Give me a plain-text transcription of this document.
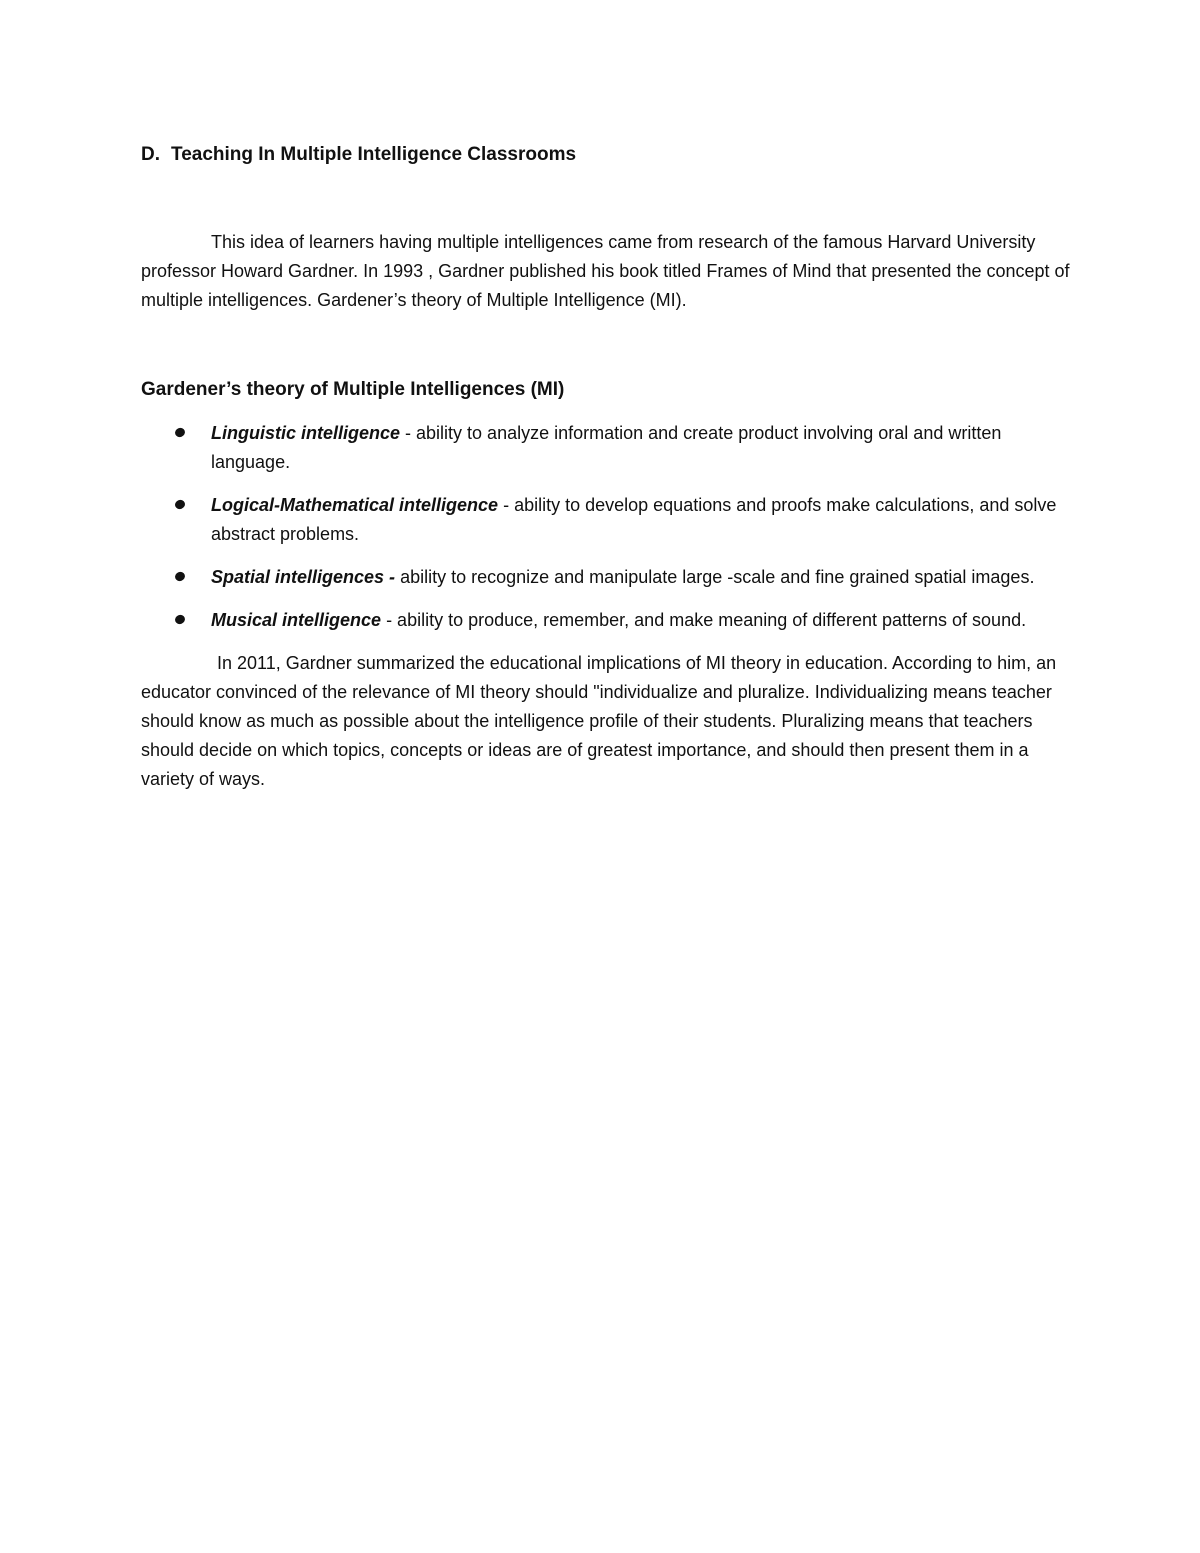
D. Teaching In Multiple Intelligence Classrooms

This idea of learners having multiple intelligences came from research of the famous Harvard University professor Howard Gardner. In 1993 , Gardner published his book titled Frames of Mind that presented the concept of multiple intelligences. Gardener’s theory of Multiple Intelligence (MI).

Gardener’s theory of Multiple Intelligences (MI)
Linguistic intelligence - ability to analyze information and create product involving oral and written language.
Logical-Mathematical intelligence - ability to develop equations and proofs make calculations, and solve abstract problems.
Spatial intelligences - ability to recognize and manipulate large -scale and fine grained spatial images.
Musical intelligence - ability to produce, remember, and make meaning of different patterns of sound.

In 2011, Gardner summarized the educational implications of MI theory in education. According to him, an educator convinced of the relevance of MI theory should "individualize and pluralize. Individualizing means teacher should know as much as possible about the intelligence profile of their students. Pluralizing means that teachers should decide on which topics, concepts or ideas are of greatest importance, and should then present them in a variety of ways.
